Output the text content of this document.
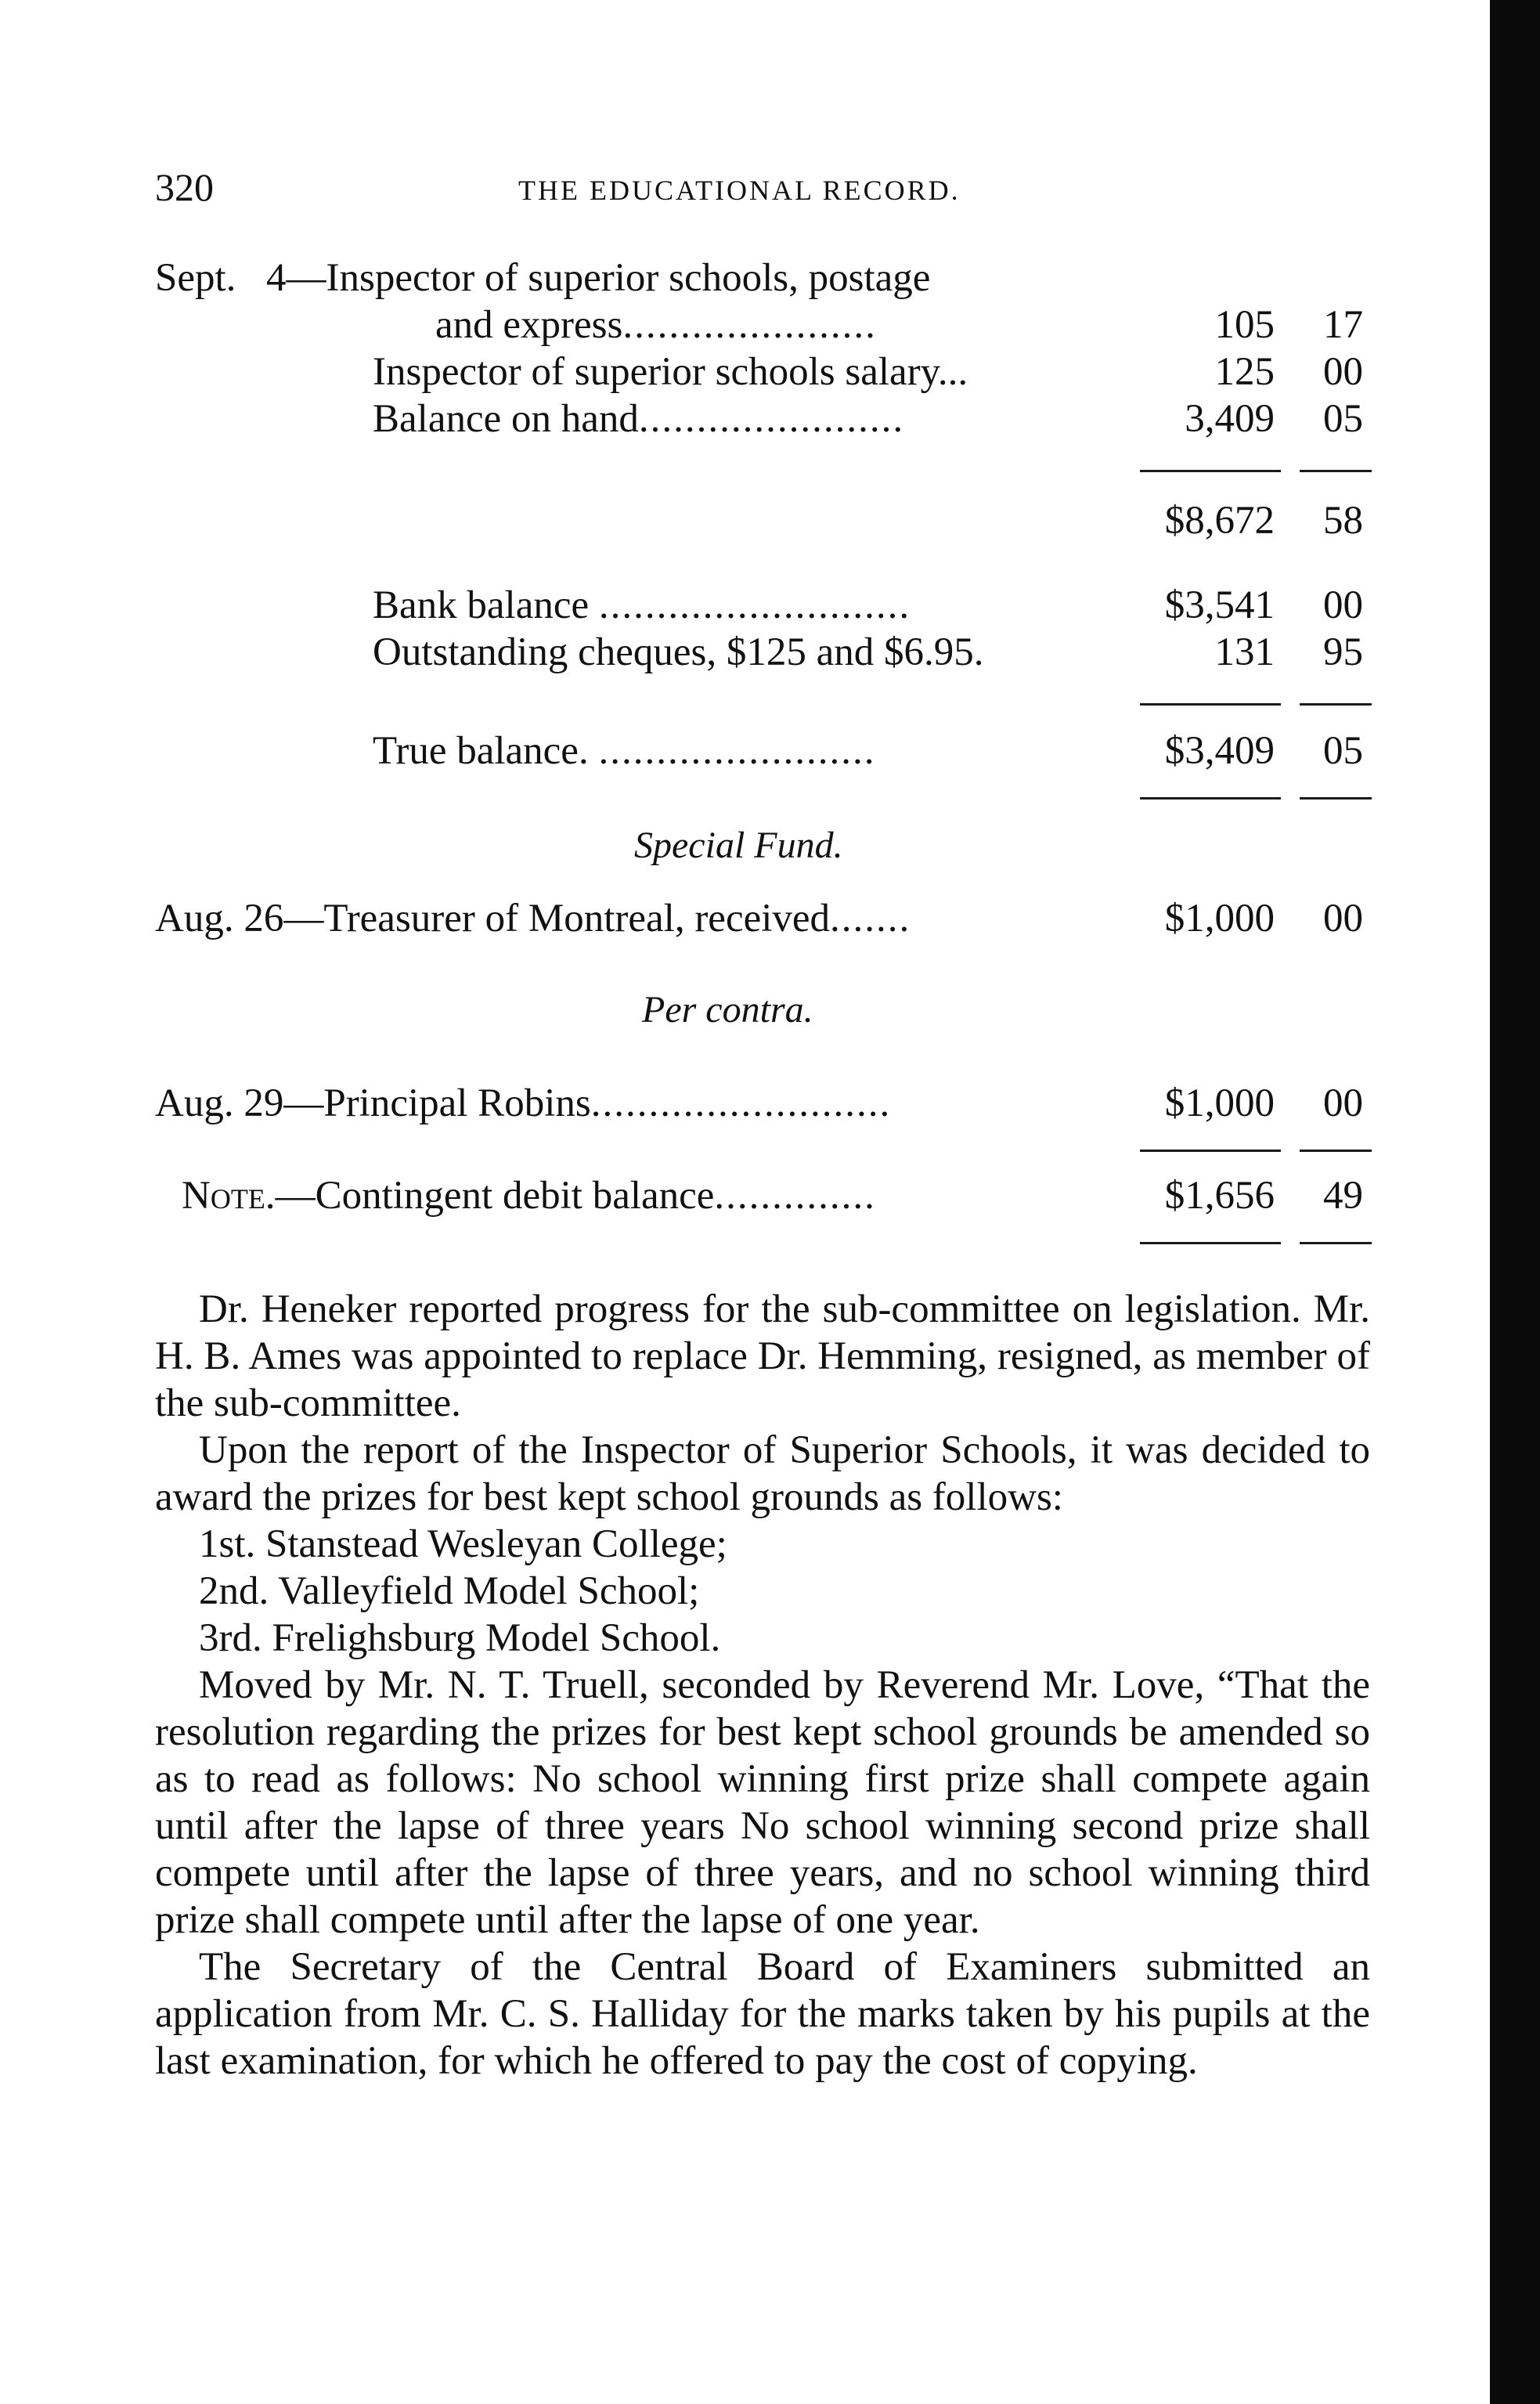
320	THE EDUCATIONAL RECORD.
Sept. 4—Inspector of superior schools, postage
and express......................	105 17
Inspector of superior schools salary...	125 00
Balance on hand.......................	3,409 05
$8,672 58
Bank balance ...........................	$3,541 00
Outstanding cheques, $125 and $6.95.	131 95
True balance. ........................	$3,409 05
Special Fund.
Aug. 26—Treasurer of Montreal, received.......	$1,000 00
Per contra.
Aug. 29—Principal Robins..........................	$1,000 00
Note.—Contingent debit balance..............	$1,656 49

Dr. Heneker reported progress for the sub-committee on legislation. Mr. H. B. Ames was appointed to replace Dr. Hemming, resigned, as member of the sub-committee.

Upon the report of the Inspector of Superior Schools, it was decided to award the prizes for best kept school grounds as follows:

1st. Stanstead Wesleyan College;

2nd. Valleyfield Model School;

3rd. Frelighsburg Model School.

Moved by Mr. N. T. Truell, seconded by Reverend Mr. Love, “That the resolution regarding the prizes for best kept school grounds be amended so as to read as follows: No school winning first prize shall compete again until after the lapse of three years No school winning second prize shall compete until after the lapse of three years, and no school winning third prize shall compete until after the lapse of one year.

The Secretary of the Central Board of Examiners submitted an application from Mr. C. S. Halliday for the marks taken by his pupils at the last examination, for which he offered to pay the cost of copying.
